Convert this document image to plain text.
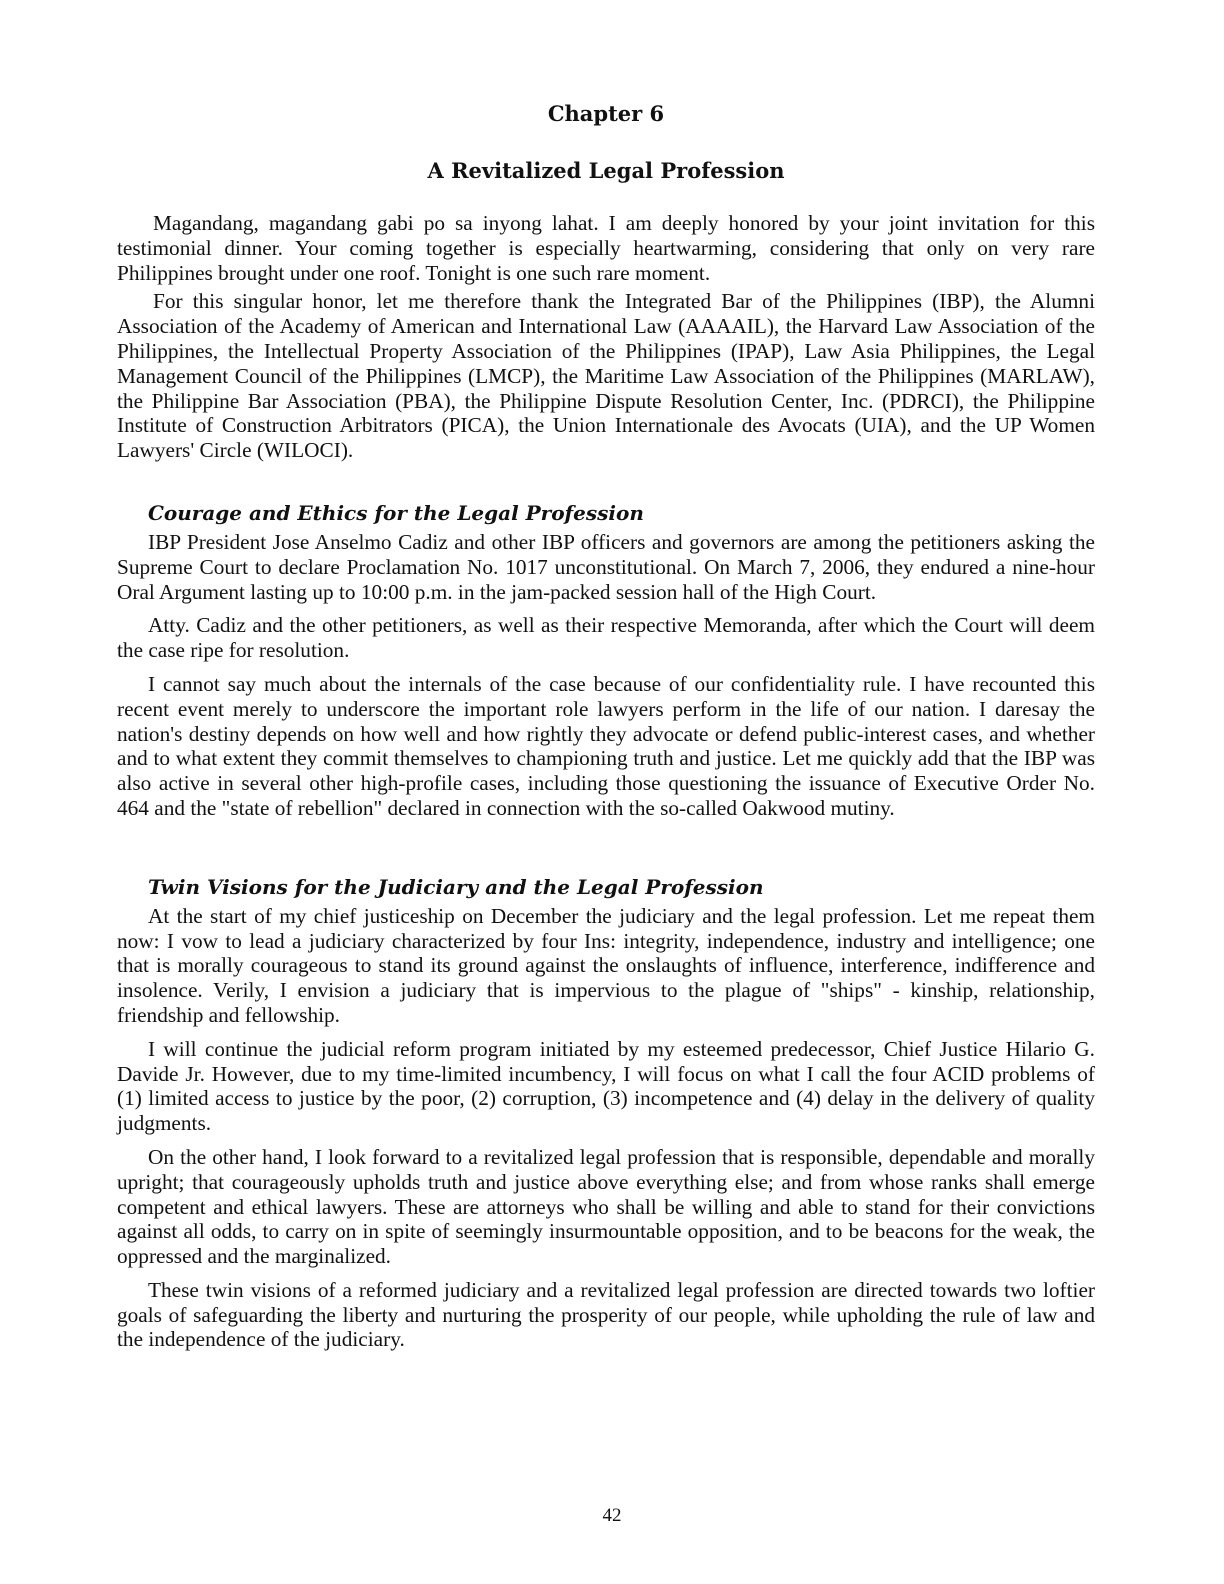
Chapter 6
A Revitalized Legal Profession

Magandang, magandang gabi po sa inyong lahat. I am deeply honored by your joint invitation for this testimonial dinner. Your coming together is especially heartwarming, considering that only on very rare Philippines brought under one roof. Tonight is one such rare moment.

For this singular honor, let me therefore thank the Integrated Bar of the Philippines (IBP), the Alumni Association of the Academy of American and International Law (AAAAIL), the Harvard Law Association of the Philippines, the Intellectual Property Association of the Philippines (IPAP), Law Asia Philippines, the Legal Management Council of the Philippines (LMCP), the Maritime Law Association of the Philippines (MARLAW), the Philippine Bar Association (PBA), the Philippine Dispute Resolution Center, Inc. (PDRCI), the Philippine Institute of Construction Arbitrators (PICA), the Union Internationale des Avocats (UIA), and the UP Women Lawyers' Circle (WILOCI).

Courage and Ethics for the Legal Profession

IBP President Jose Anselmo Cadiz and other IBP officers and governors are among the petitioners asking the Supreme Court to declare Proclamation No. 1017 unconstitutional. On March 7, 2006, they endured a nine-hour Oral Argument lasting up to 10:00 p.m. in the jam-packed session hall of the High Court.

Atty. Cadiz and the other petitioners, as well as their respective Memoranda, after which the Court will deem the case ripe for resolution.

I cannot say much about the internals of the case because of our confidentiality rule. I have recounted this recent event merely to underscore the important role lawyers perform in the life of our nation. I daresay the nation's destiny depends on how well and how rightly they advocate or defend public-interest cases, and whether and to what extent they commit themselves to championing truth and justice. Let me quickly add that the IBP was also active in several other high-profile cases, including those questioning the issuance of Executive Order No. 464 and the "state of rebellion" declared in connection with the so-called Oakwood mutiny.

Twin Visions for the Judiciary and the Legal Profession

At the start of my chief justiceship on December the judiciary and the legal profession. Let me repeat them now: I vow to lead a judiciary characterized by four Ins: integrity, independence, industry and intelligence; one that is morally courageous to stand its ground against the onslaughts of influence, interference, indifference and insolence. Verily, I envision a judiciary that is impervious to the plague of "ships" - kinship, relationship, friendship and fellowship.

I will continue the judicial reform program initiated by my esteemed predecessor, Chief Justice Hilario G. Davide Jr. However, due to my time-limited incumbency, I will focus on what I call the four ACID problems of (1) limited access to justice by the poor, (2) corruption, (3) incompetence and (4) delay in the delivery of quality judgments.

On the other hand, I look forward to a revitalized legal profession that is responsible, dependable and morally upright; that courageously upholds truth and justice above everything else; and from whose ranks shall emerge competent and ethical lawyers. These are attorneys who shall be willing and able to stand for their convictions against all odds, to carry on in spite of seemingly insurmountable opposition, and to be beacons for the weak, the oppressed and the marginalized.

These twin visions of a reformed judiciary and a revitalized legal profession are directed towards two loftier goals of safeguarding the liberty and nurturing the prosperity of our people, while upholding the rule of law and the independence of the judiciary.

42
